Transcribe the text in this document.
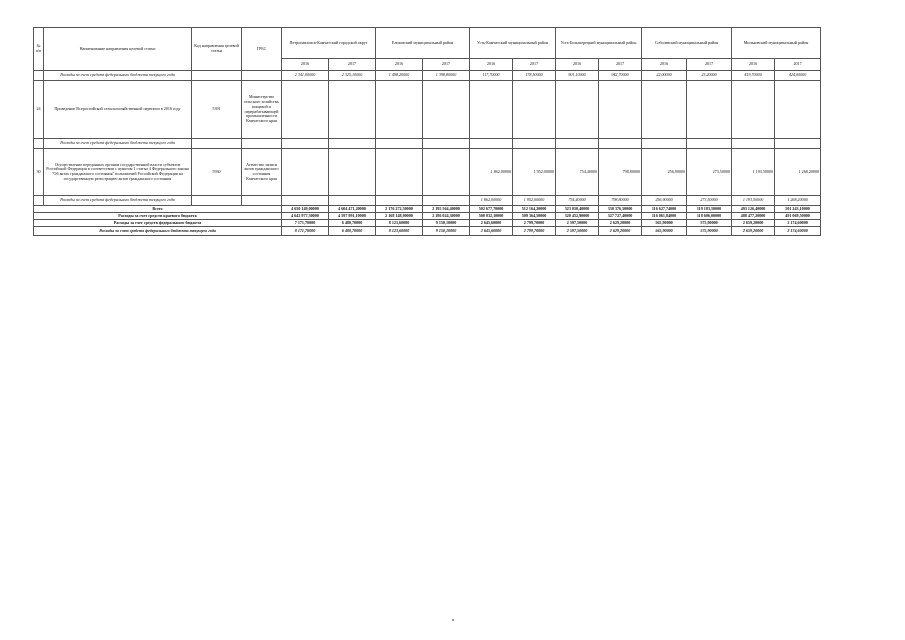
№ п/п	Наименование направления целевой статьи	Код направления целевой статьи	ГРБС	Петропавловск-Камчатский городской округ		Елизовский муниципальный район		Усть-Камчатский муниципальный район		Усть-Большерецкий муниципальный район		Соболевский муниципальный район		Мильковский муниципальный район	
				2016	2017	2016	2017	2016	2017	2016	2017	2016	2017	2016	2017
	Расходы за счет средств федерального бюджета текущего года			2 341,00000	2 325,10000	1 498,20000	1 398,80000	117,70000	178,50000	901,10000	942,70000	22,00000	23,20000	419,70000	424,00000
24	Проведение Всероссийской сельскохозяйственной переписи в 2016 году	5391	Министерство сельского хозяйства, пищевой и перерабатывающей промышленности Камчатского края												
	Расходы за счет средств федерального бюджета текущего года														
30	Осуществление переданных органам государственной власти субъектов Российской Федерации в соответствии с пунктом 1 статьи 4 Федерального закона "Об актах гражданского состояния" полномочий Российской Федерации на государственную регистрацию актов гражданского состояния	5930	Агентство записи актов гражданского состояния Камчатского края					1 862,00000	1 952,00000	754,40000	798,80000	256,90000	273,50000	1 193,50000	1 268,20000
	Расходы за счет средств федерального бюджета текущего года							1 862,00000	1 952,00000	754,40000	798,80000	256,90000	273,50000	1 193,50000	1 268,20000
Всего				4 650 149,00000	4 604 471,20000	2 176 272,50000	2 195 564,40000	502 677,70000	512 164,20000	323 050,40000	330 376,50000	116 627,74000	119 183,50000	493 126,40000	501 243,10000
Расходы за счет средств краевого бюджета				4 642 977,30000	4 597 991,10000	2 168 148,90000	2 186 024,30000	500 032,10000	509 364,50000	320 452,90000	327 727,40000	116 061,84000	118 606,00000	488 477,20000	491 069,50000
Расходы за счет средств федерального бюджета				7 171,70000	6 480,70000	8 123,60000	9 150,10000	2 645,60000	2 799,70000	2 597,50000	2 629,20000	565,90000	575,90000	2 659,20000	2 174,60000
Расходы за счет средств федерального бюджета текущего года				8 171,70000	6 480,70000	8 123,60000	9 150,10000	2 645,60000	2 799,70000	2 597,50000	2 629,20000	565,90000	575,90000	2 659,20000	2 174,60000
